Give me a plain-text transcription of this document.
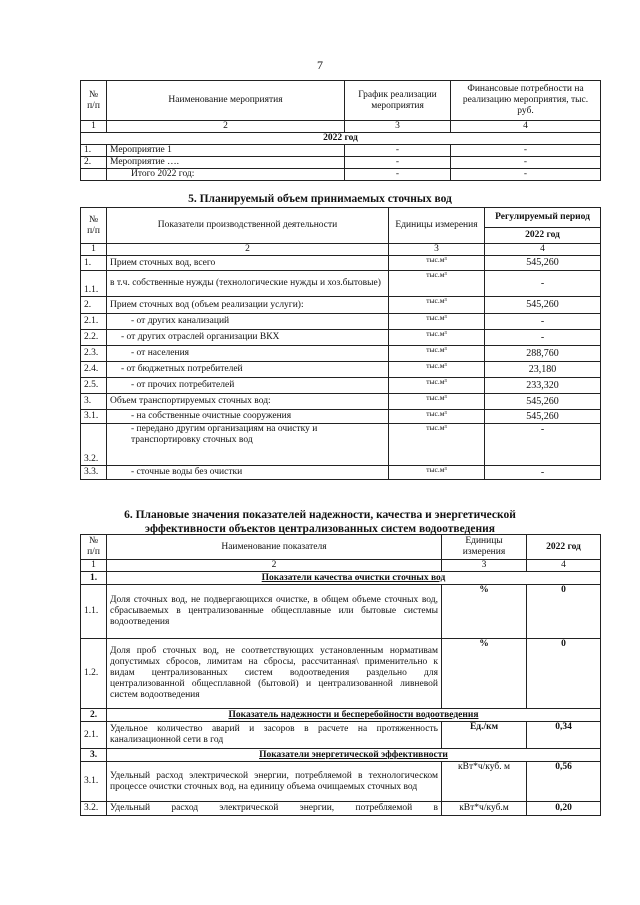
7
№
п/п	Наименование мероприятия	График реализации мероприятия	Финансовые потребности на реализацию мероприятия, тыс. руб.
1	2	3	4
2022 год			
1.	Мероприятие 1	-	-
2.	Мероприятие ….	-	-
	Итого 2022 год:	-	-
5. Планируемый объем принимаемых сточных вод
№
п/п	Показатели производственной деятельности	Единицы измерения	Регулируемый период
			2022 год
1	2	3	4
1.	Прием сточных вод, всего	тыс.м³	545,260
1.1.	в т.ч. собственные нужды (технологические нужды и хоз.бытовые)	тыс.м³	-
2.	Прием сточных вод (объем реализации услуги):	тыс.м³	545,260
2.1.	- от других канализаций	тыс.м³	-
2.2.	- от других отраслей организации ВКХ	тыс.м³	-
2.3.	- от населения	тыс.м³	288,760
2.4.	- от бюджетных потребителей	тыс.м³	23,180
2.5.	- от прочих потребителей	тыс.м³	233,320
3.	Объем транспортируемых сточных вод:	тыс.м³	545,260
3.1.	- на собственные очистные сооружения	тыс.м³	545,260
3.2.	- передано другим организациям на очистку и транспортировку сточных вод	тыс.м³	-
3.3.	- сточные воды без очистки	тыс.м³	-
6. Плановые значения показателей надежности, качества и энергетической
эффективности объектов централизованных систем водоотведения
№
п/п	Наименование показателя	Единицы измерения	2022 год
1	2	3	4
1.	Показатели качества очистки сточных вод		
1.1.	Доля сточных вод, не подвергающихся очистке, в общем объеме сточных вод, сбрасываемых в централизованные общесплавные или бытовые системы водоотведения	%	0
1.2.	Доля проб сточных вод, не соответствующих установленным нормативам допустимых сбросов, лимитам на сбросы, рассчитанная\ применительно к видам централизованных систем водоотведения раздельно для централизованной общесплавной (бытовой) и централизованной ливневой систем водоотведения	%	0
2.	Показатель надежности и бесперебойности водоотведения		
2.1.	Удельное количество аварий и засоров в расчете на протяженность канализационной сети в год	Ед./км	0,34
3.	Показатели энергетической эффективности		
3.1.	Удельный расход электрической энергии, потребляемой в технологическом процессе очистки сточных вод, на единицу объема очищаемых сточных вод	кВт*ч/куб. м	0,56
3.2.	Удельный расход электрической энергии, потребляемой в	кВт*ч/куб.м	0,20
